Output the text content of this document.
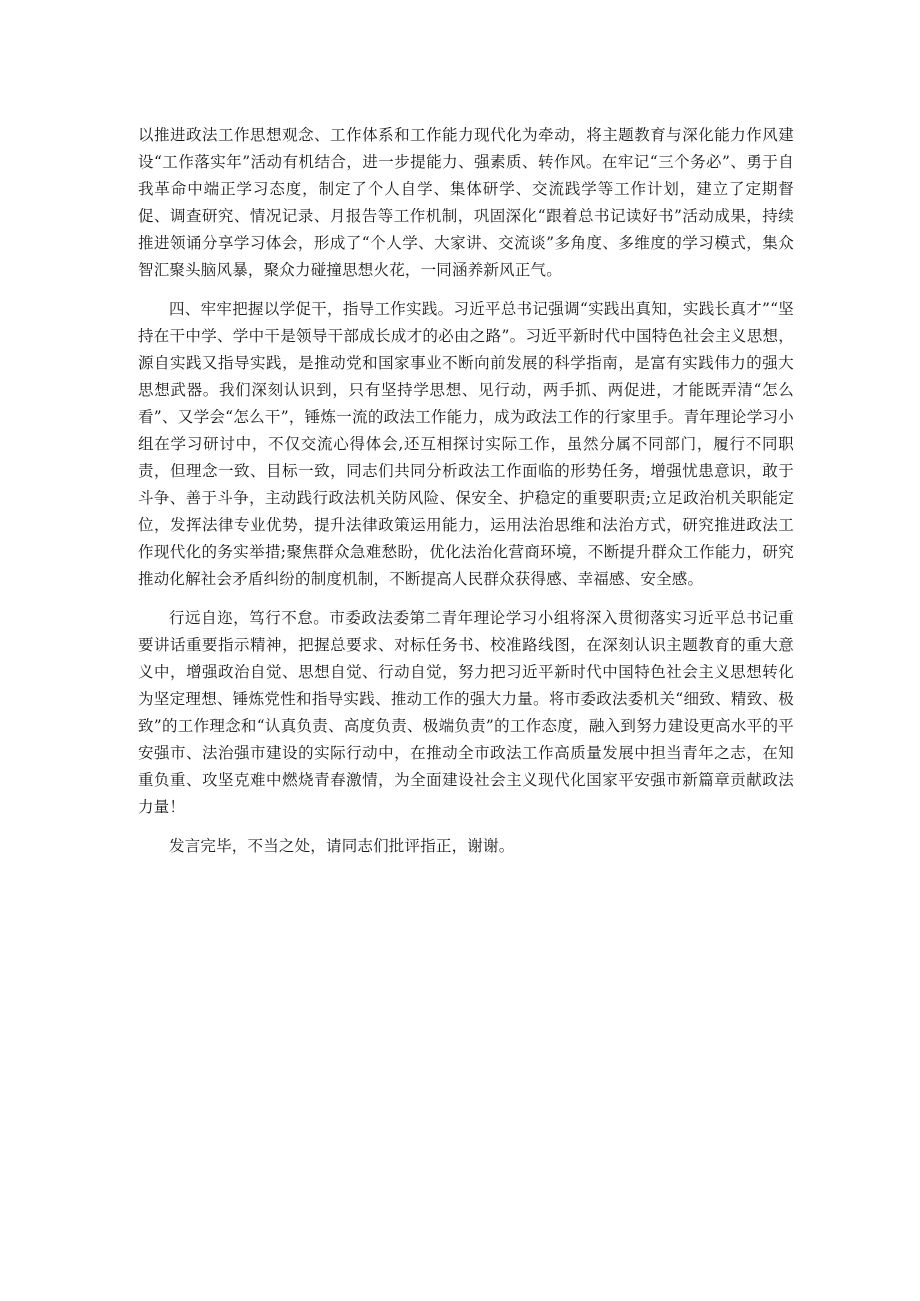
以推进政法工作思想观念、工作体系和工作能力现代化为牵动，将主题教育与深化能力作风建设“工作落实年”活动有机结合，进一步提能力、强素质、转作风。在牢记“三个务必”、勇于自我革命中端正学习态度，制定了个人自学、集体研学、交流践学等工作计划，建立了定期督促、调查研究、情况记录、月报告等工作机制，巩固深化“跟着总书记读好书”活动成果，持续推进领诵分享学习体会，形成了“个人学、大家讲、交流谈”多角度、多维度的学习模式，集众智汇聚头脑风暴，聚众力碰撞思想火花，一同涵养新风正气。

四、牢牢把握以学促干，指导工作实践。习近平总书记强调“实践出真知，实践长真才”“坚持在干中学、学中干是领导干部成长成才的必由之路”。习近平新时代中国特色社会主义思想，源自实践又指导实践，是推动党和国家事业不断向前发展的科学指南，是富有实践伟力的强大思想武器。我们深刻认识到，只有坚持学思想、见行动，两手抓、两促进，才能既弄清“怎么看”、又学会“怎么干”，锤炼一流的政法工作能力，成为政法工作的行家里手。青年理论学习小组在学习研讨中，不仅交流心得体会,还互相探讨实际工作，虽然分属不同部门，履行不同职责，但理念一致、目标一致，同志们共同分析政法工作面临的形势任务，增强忧患意识，敢于斗争、善于斗争，主动践行政法机关防风险、保安全、护稳定的重要职责;立足政治机关职能定位，发挥法律专业优势，提升法律政策运用能力，运用法治思维和法治方式，研究推进政法工作现代化的务实举措;聚焦群众急难愁盼，优化法治化营商环境，不断提升群众工作能力，研究推动化解社会矛盾纠纷的制度机制，不断提高人民群众获得感、幸福感、安全感。

行远自迩，笃行不怠。市委政法委第二青年理论学习小组将深入贯彻落实习近平总书记重要讲话重要指示精神，把握总要求、对标任务书、校准路线图，在深刻认识主题教育的重大意义中，增强政治自觉、思想自觉、行动自觉，努力把习近平新时代中国特色社会主义思想转化为坚定理想、锤炼党性和指导实践、推动工作的强大力量。将市委政法委机关“细致、精致、极致”的工作理念和“认真负责、高度负责、极端负责”的工作态度，融入到努力建设更高水平的平安强市、法治强市建设的实际行动中，在推动全市政法工作高质量发展中担当青年之志，在知重负重、攻坚克难中燃烧青春激情，为全面建设社会主义现代化国家平安强市新篇章贡献政法力量！

发言完毕，不当之处，请同志们批评指正，谢谢。
